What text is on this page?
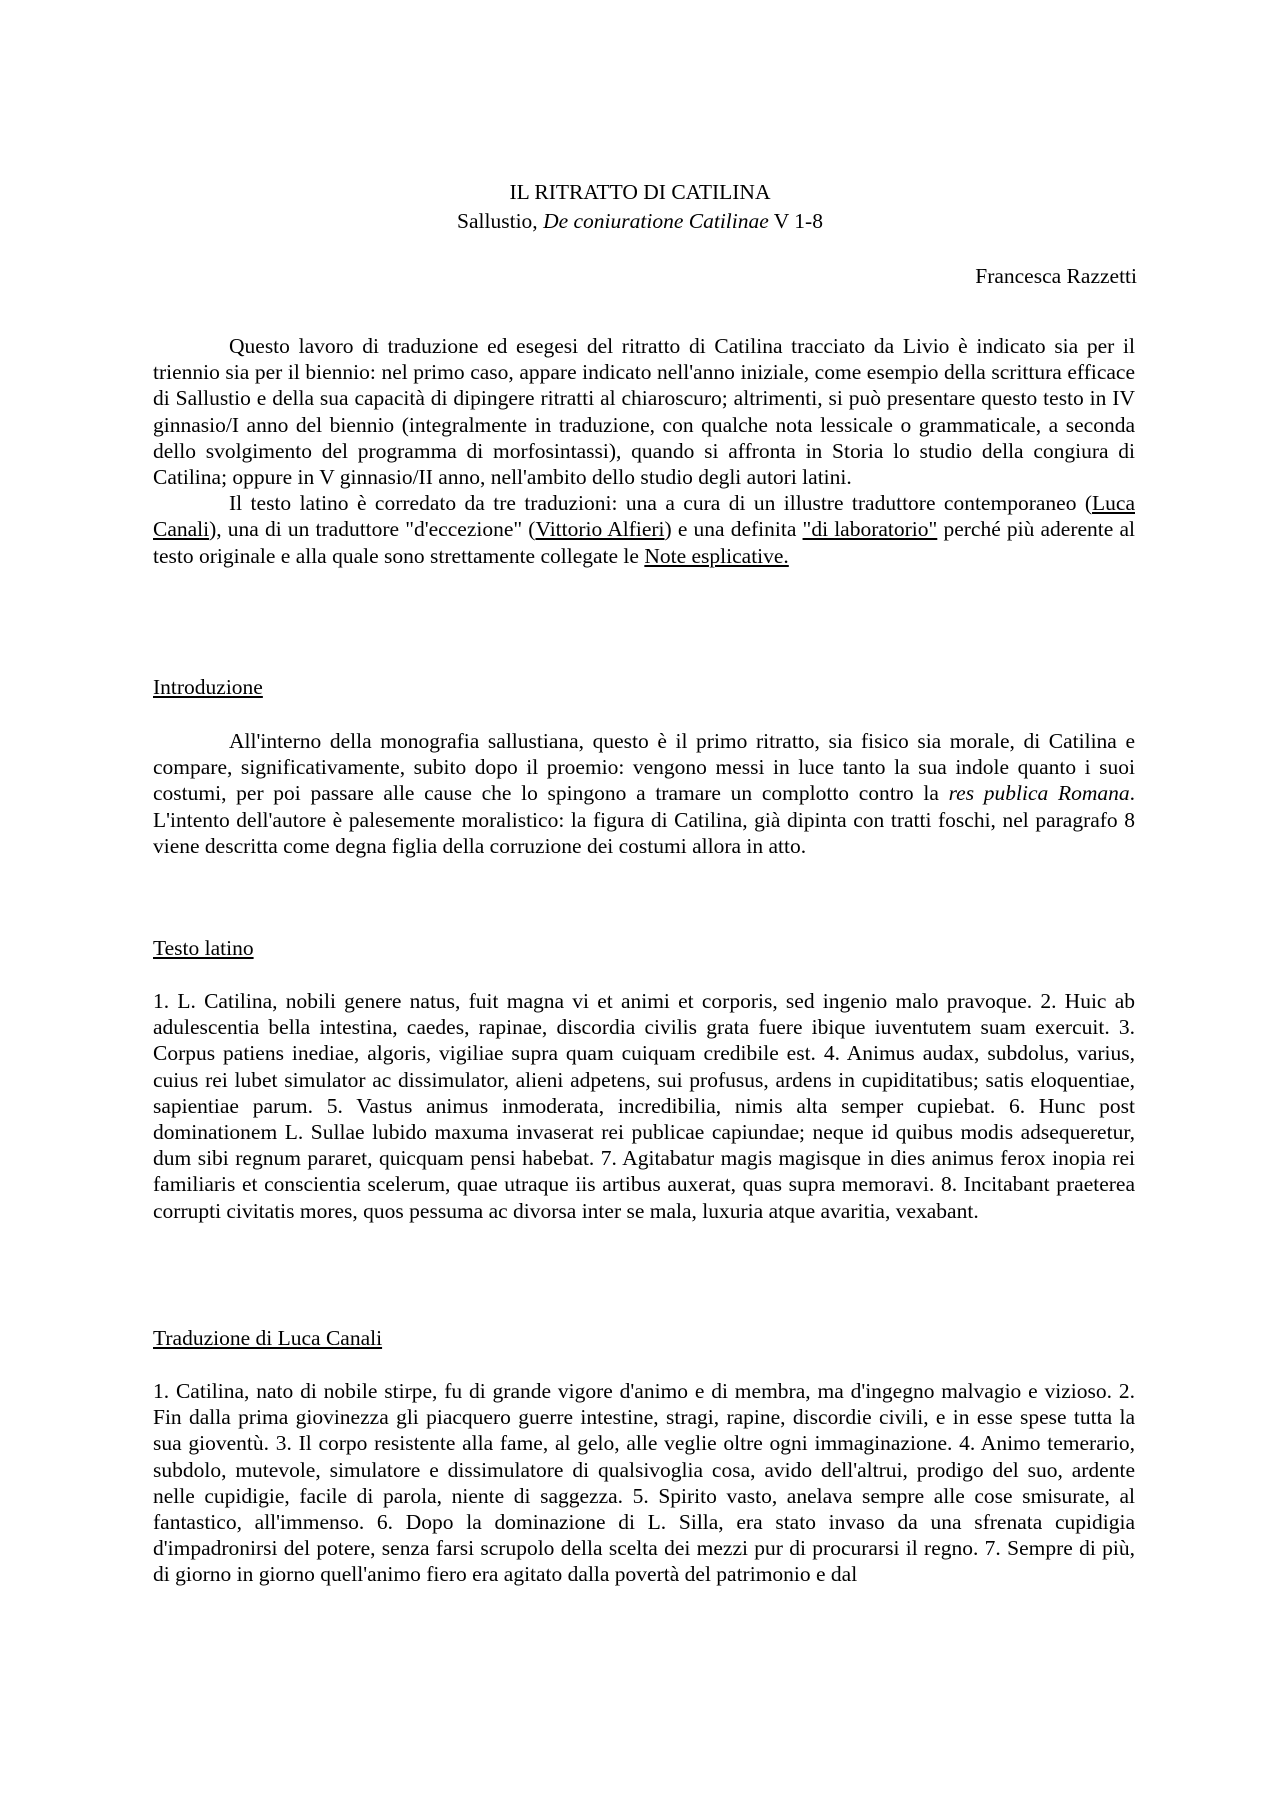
IL RITRATTO DI CATILINA
Sallustio, De coniuratione Catilinae V 1-8
Francesca Razzetti

Questo lavoro di traduzione ed esegesi del ritratto di Catilina tracciato da Livio è indicato sia per il triennio sia per il biennio: nel primo caso, appare indicato nell'anno iniziale, come esempio della scrittura efficace di Sallustio e della sua capacità di dipingere ritratti al chiaroscuro; altrimenti, si può presentare questo testo in IV ginnasio/I anno del biennio (integralmente in traduzione, con qualche nota lessicale o grammaticale, a seconda dello svolgimento del programma di morfosintassi), quando si affronta in Storia lo studio della congiura di Catilina; oppure in V ginnasio/II anno, nell'ambito dello studio degli autori latini.

Il testo latino è corredato da tre traduzioni: una a cura di un illustre traduttore contemporaneo (Luca Canali), una di un traduttore "d'eccezione" (Vittorio Alfieri) e una definita "di laboratorio" perché più aderente al testo originale e alla quale sono strettamente collegate le Note esplicative.

Introduzione

All'interno della monografia sallustiana, questo è il primo ritratto, sia fisico sia morale, di Catilina e compare, significativamente, subito dopo il proemio: vengono messi in luce tanto la sua indole quanto i suoi costumi, per poi passare alle cause che lo spingono a tramare un complotto contro la res publica Romana. L'intento dell'autore è palesemente moralistico: la figura di Catilina, già dipinta con tratti foschi, nel paragrafo 8 viene descritta come degna figlia della corruzione dei costumi allora in atto.

Testo latino

1. L. Catilina, nobili genere natus, fuit magna vi et animi et corporis, sed ingenio malo pravoque. 2. Huic ab adulescentia bella intestina, caedes, rapinae, discordia civilis grata fuere ibique iuventutem suam exercuit. 3. Corpus patiens inediae, algoris, vigiliae supra quam cuiquam credibile est. 4. Animus audax, subdolus, varius, cuius rei lubet simulator ac dissimulator, alieni adpetens, sui profusus, ardens in cupiditatibus; satis eloquentiae, sapientiae parum. 5. Vastus animus inmoderata, incredibilia, nimis alta semper cupiebat. 6. Hunc post dominationem L. Sullae lubido maxuma invaserat rei publicae capiundae; neque id quibus modis adsequeretur, dum sibi regnum pararet, quicquam pensi habebat. 7. Agitabatur magis magisque in dies animus ferox inopia rei familiaris et conscientia scelerum, quae utraque iis artibus auxerat, quas supra memoravi. 8. Incitabant praeterea corrupti civitatis mores, quos pessuma ac divorsa inter se mala, luxuria atque avaritia, vexabant.

Traduzione di Luca Canali

1. Catilina, nato di nobile stirpe, fu di grande vigore d'animo e di membra, ma d'ingegno malvagio e vizioso. 2. Fin dalla prima giovinezza gli piacquero guerre intestine, stragi, rapine, discordie civili, e in esse spese tutta la sua gioventù. 3. Il corpo resistente alla fame, al gelo, alle veglie oltre ogni immaginazione. 4. Animo temerario, subdolo, mutevole, simulatore e dissimulatore di qualsivoglia cosa, avido dell'altrui, prodigo del suo, ardente nelle cupidigie, facile di parola, niente di saggezza. 5. Spirito vasto, anelava sempre alle cose smisurate, al fantastico, all'immenso. 6. Dopo la dominazione di L. Silla, era stato invaso da una sfrenata cupidigia d'impadronirsi del potere, senza farsi scrupolo della scelta dei mezzi pur di procurarsi il regno. 7. Sempre di più, di giorno in giorno quell'animo fiero era agitato dalla povertà del patrimonio e dal
